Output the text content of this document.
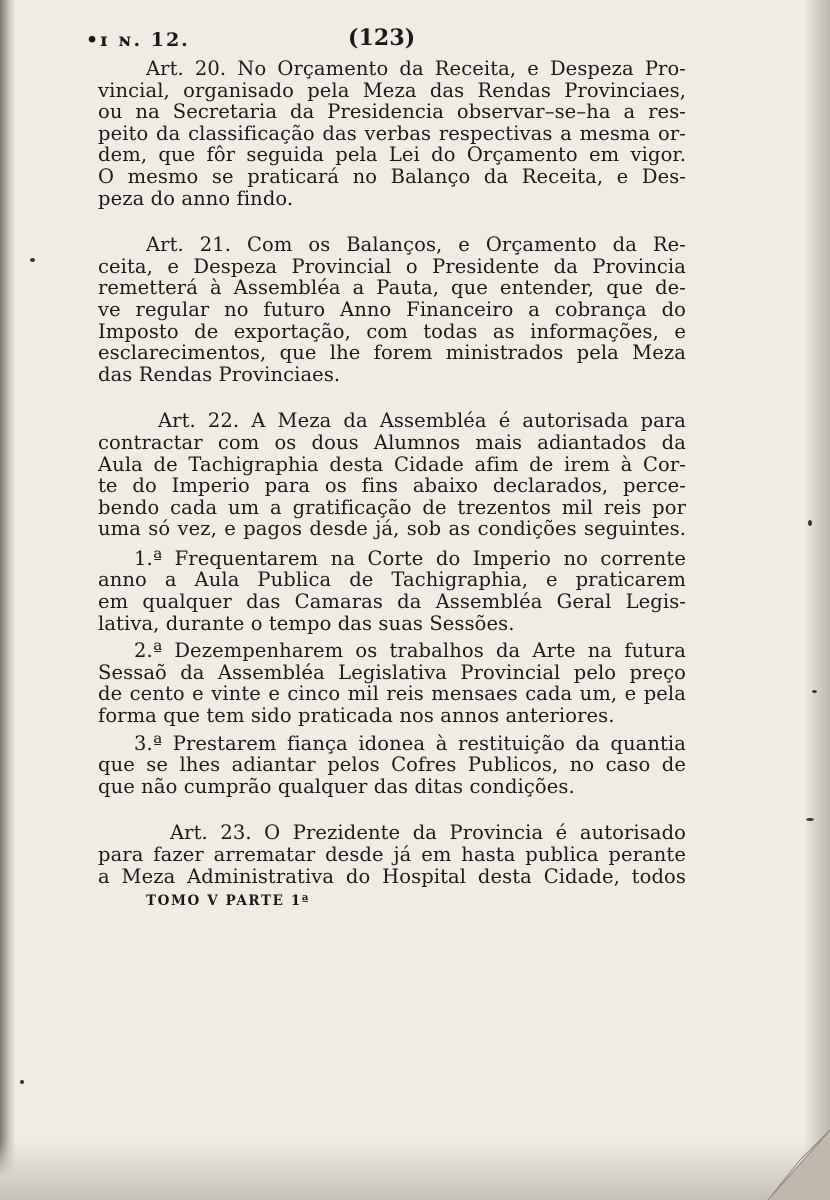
•ɪ ɴ. 12.	(123)
Art. 20. No Orçamento da Receita, e Despeza Pro-
vincial, organisado pela Meza das Rendas Provinciaes,
ou na Secretaria da Presidencia observar–se–ha a res-
peito da classificação das verbas respectivas a mesma or-
dem, que fôr seguida pela Lei do Orçamento em vigor.
O mesmo se praticará no Balanço da Receita, e Des-
peza do anno findo.
Art. 21. Com os Balanços, e Orçamento da Re-
ceita, e Despeza Provincial o Presidente da Provincia
remetterá à Assembléa a Pauta, que entender, que de-
ve regular no futuro Anno Financeiro a cobrança do
Imposto de exportação, com todas as informações, e
esclarecimentos, que lhe forem ministrados pela Meza
das Rendas Provinciaes.
Art. 22. A Meza da Assembléa é autorisada para
contractar com os dous Alumnos mais adiantados da
Aula de Tachigraphia desta Cidade afim de irem à Cor-
te do Imperio para os fins abaixo declarados, perce-
bendo cada um a gratificação de trezentos mil reis por
uma só vez, e pagos desde já, sob as condições seguintes.
1.ª Frequentarem na Corte do Imperio no corrente
anno a Aula Publica de Tachigraphia, e praticarem
em qualquer das Camaras da Assembléa Geral Legis-
lativa, durante o tempo das suas Sessões.
2.ª Dezempenharem os trabalhos da Arte na futura
Sessaõ da Assembléa Legislativa Provincial pelo preço
de cento e vinte e cinco mil reis mensaes cada um, e pela
forma que tem sido praticada nos annos anteriores.
3.ª Prestarem fiança idonea à restituição da quantia
que se lhes adiantar pelos Cofres Publicos, no caso de
que não cumprão qualquer das ditas condições.
Art. 23. O Prezidente da Provincia é autorisado
para fazer arrematar desde já em hasta publica perante
a Meza Administrativa do Hospital desta Cidade, todos
TOMO V PARTE 1ª
